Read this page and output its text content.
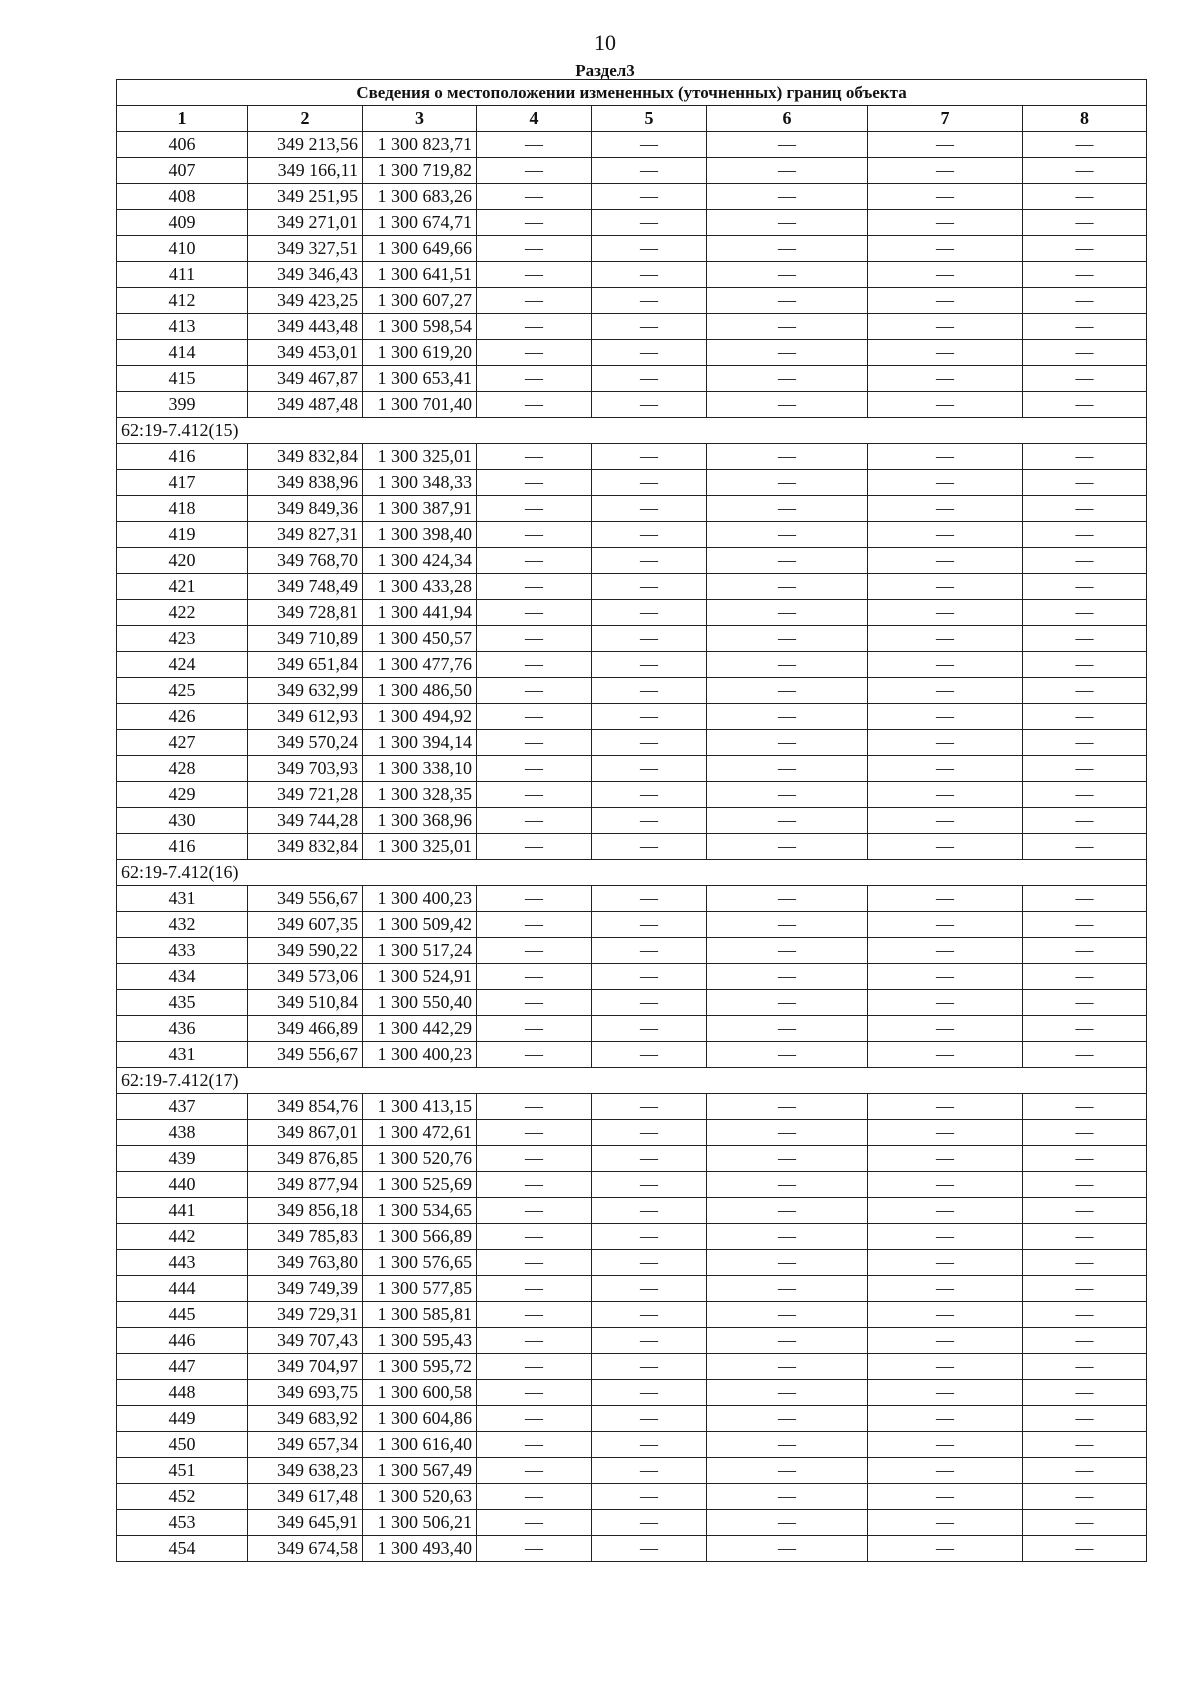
10
Раздел3
Сведения о местоположении измененных (уточненных) границ объекта							
1	2	3	4	5	6	7	8
406	349 213,56	1 300 823,71	—	—	—	—	—
407	349 166,11	1 300 719,82	—	—	—	—	—
408	349 251,95	1 300 683,26	—	—	—	—	—
409	349 271,01	1 300 674,71	—	—	—	—	—
410	349 327,51	1 300 649,66	—	—	—	—	—
411	349 346,43	1 300 641,51	—	—	—	—	—
412	349 423,25	1 300 607,27	—	—	—	—	—
413	349 443,48	1 300 598,54	—	—	—	—	—
414	349 453,01	1 300 619,20	—	—	—	—	—
415	349 467,87	1 300 653,41	—	—	—	—	—
399	349 487,48	1 300 701,40	—	—	—	—	—
62:19-7.412(15)							
416	349 832,84	1 300 325,01	—	—	—	—	—
417	349 838,96	1 300 348,33	—	—	—	—	—
418	349 849,36	1 300 387,91	—	—	—	—	—
419	349 827,31	1 300 398,40	—	—	—	—	—
420	349 768,70	1 300 424,34	—	—	—	—	—
421	349 748,49	1 300 433,28	—	—	—	—	—
422	349 728,81	1 300 441,94	—	—	—	—	—
423	349 710,89	1 300 450,57	—	—	—	—	—
424	349 651,84	1 300 477,76	—	—	—	—	—
425	349 632,99	1 300 486,50	—	—	—	—	—
426	349 612,93	1 300 494,92	—	—	—	—	—
427	349 570,24	1 300 394,14	—	—	—	—	—
428	349 703,93	1 300 338,10	—	—	—	—	—
429	349 721,28	1 300 328,35	—	—	—	—	—
430	349 744,28	1 300 368,96	—	—	—	—	—
416	349 832,84	1 300 325,01	—	—	—	—	—
62:19-7.412(16)							
431	349 556,67	1 300 400,23	—	—	—	—	—
432	349 607,35	1 300 509,42	—	—	—	—	—
433	349 590,22	1 300 517,24	—	—	—	—	—
434	349 573,06	1 300 524,91	—	—	—	—	—
435	349 510,84	1 300 550,40	—	—	—	—	—
436	349 466,89	1 300 442,29	—	—	—	—	—
431	349 556,67	1 300 400,23	—	—	—	—	—
62:19-7.412(17)							
437	349 854,76	1 300 413,15	—	—	—	—	—
438	349 867,01	1 300 472,61	—	—	—	—	—
439	349 876,85	1 300 520,76	—	—	—	—	—
440	349 877,94	1 300 525,69	—	—	—	—	—
441	349 856,18	1 300 534,65	—	—	—	—	—
442	349 785,83	1 300 566,89	—	—	—	—	—
443	349 763,80	1 300 576,65	—	—	—	—	—
444	349 749,39	1 300 577,85	—	—	—	—	—
445	349 729,31	1 300 585,81	—	—	—	—	—
446	349 707,43	1 300 595,43	—	—	—	—	—
447	349 704,97	1 300 595,72	—	—	—	—	—
448	349 693,75	1 300 600,58	—	—	—	—	—
449	349 683,92	1 300 604,86	—	—	—	—	—
450	349 657,34	1 300 616,40	—	—	—	—	—
451	349 638,23	1 300 567,49	—	—	—	—	—
452	349 617,48	1 300 520,63	—	—	—	—	—
453	349 645,91	1 300 506,21	—	—	—	—	—
454	349 674,58	1 300 493,40	—	—	—	—	—
